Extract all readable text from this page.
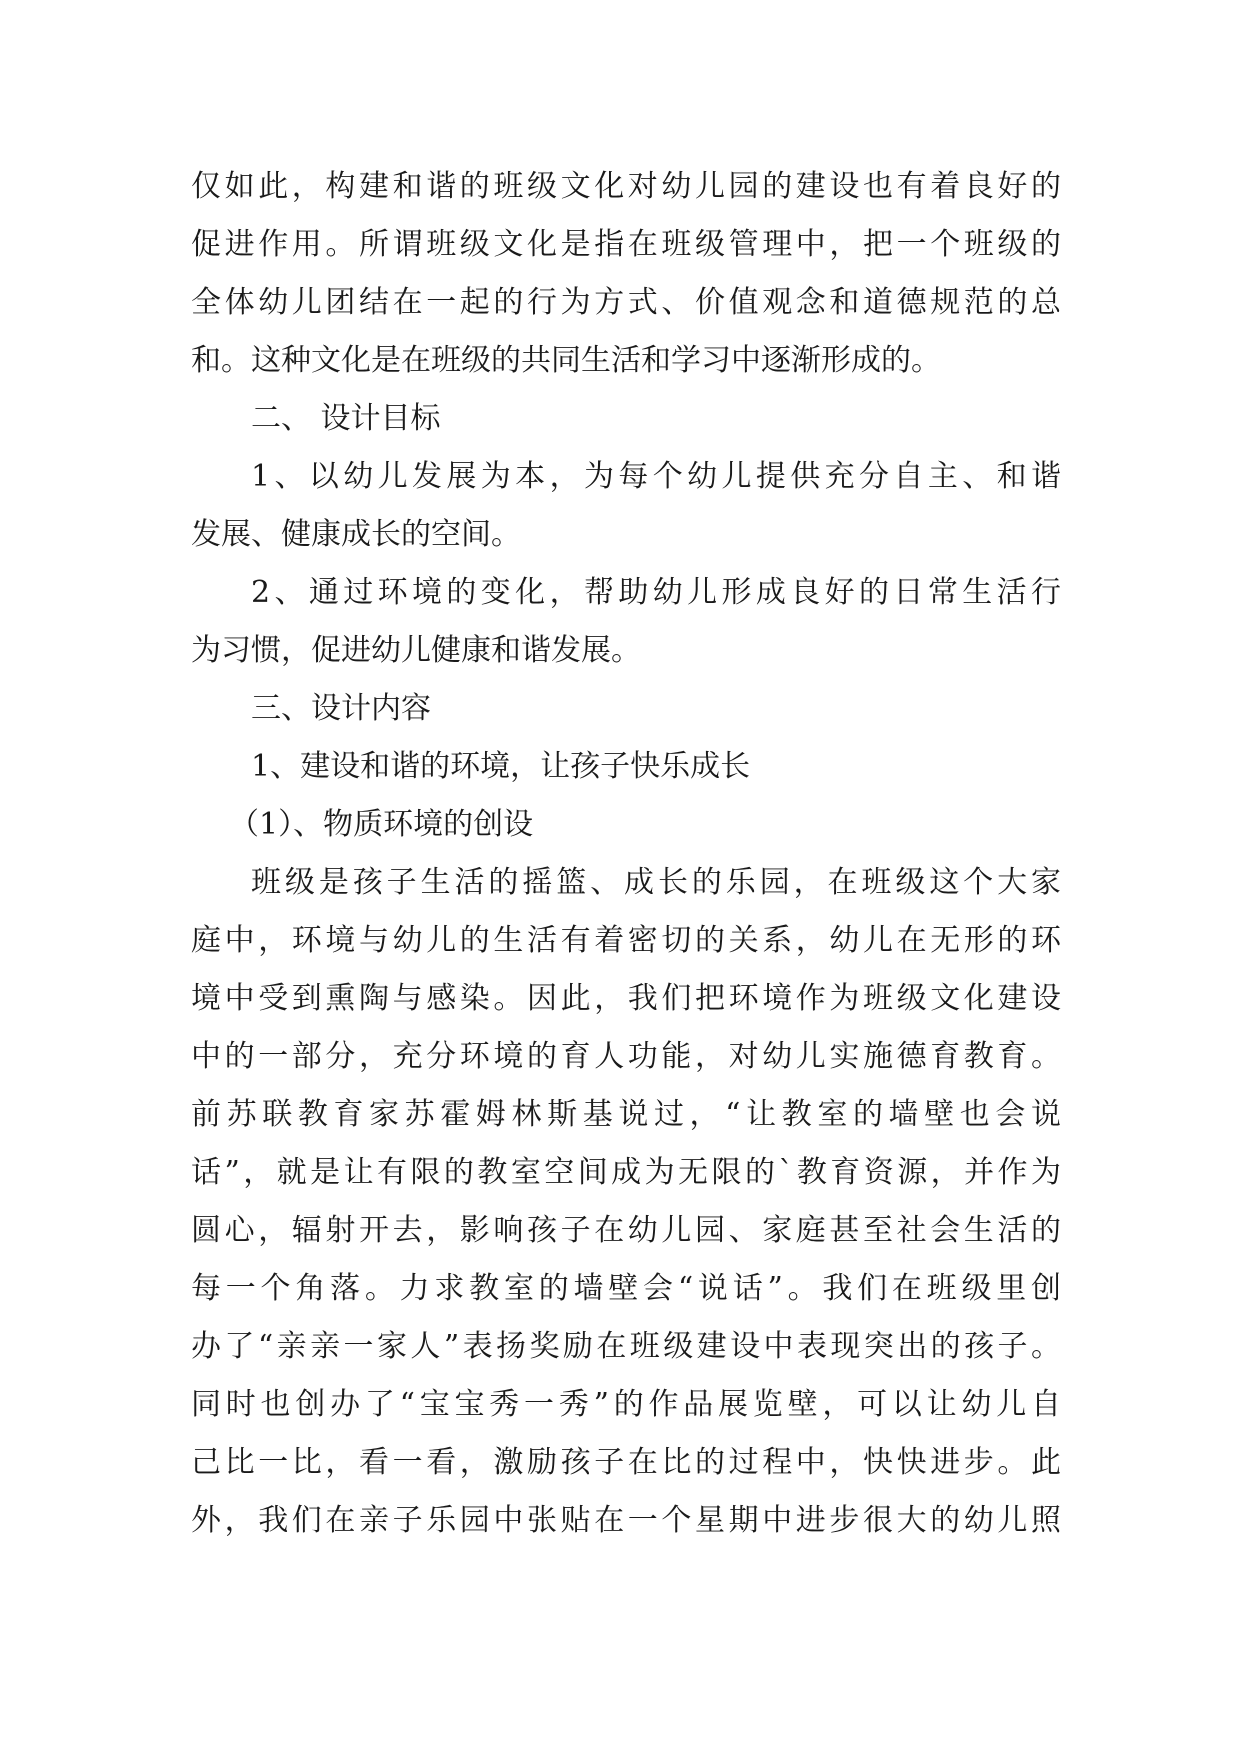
仅如此，构建和谐的班级文化对幼儿园的建设也有着良好的
促进作用。所谓班级文化是指在班级管理中，把一个班级的
全体幼儿团结在一起的行为方式、价值观念和道德规范的总
和。这种文化是在班级的共同生活和学习中逐渐形成的。
二、 设计目标
1、以幼儿发展为本，为每个幼儿提供充分自主、和谐
发展、健康成长的空间。
2、通过环境的变化，帮助幼儿形成良好的日常生活行
为习惯，促进幼儿健康和谐发展。
三、设计内容
1、建设和谐的环境，让孩子快乐成长
（1）、物质环境的创设
班级是孩子生活的摇篮、成长的乐园，在班级这个大家
庭中，环境与幼儿的生活有着密切的关系，幼儿在无形的环
境中受到熏陶与感染。因此，我们把环境作为班级文化建设
中的一部分，充分环境的育人功能，对幼儿实施德育教育。
前苏联教育家苏霍姆林斯基说过，“让教室的墙壁也会说
话”，就是让有限的教室空间成为无限的`教育资源，并作为
圆心，辐射开去，影响孩子在幼儿园、家庭甚至社会生活的
每一个角落。力求教室的墙壁会“说话”。我们在班级里创
办了“亲亲一家人”表扬奖励在班级建设中表现突出的孩子。
同时也创办了“宝宝秀一秀”的作品展览壁，可以让幼儿自
己比一比，看一看，激励孩子在比的过程中，快快进步。此
外，我们在亲子乐园中张贴在一个星期中进步很大的幼儿照
